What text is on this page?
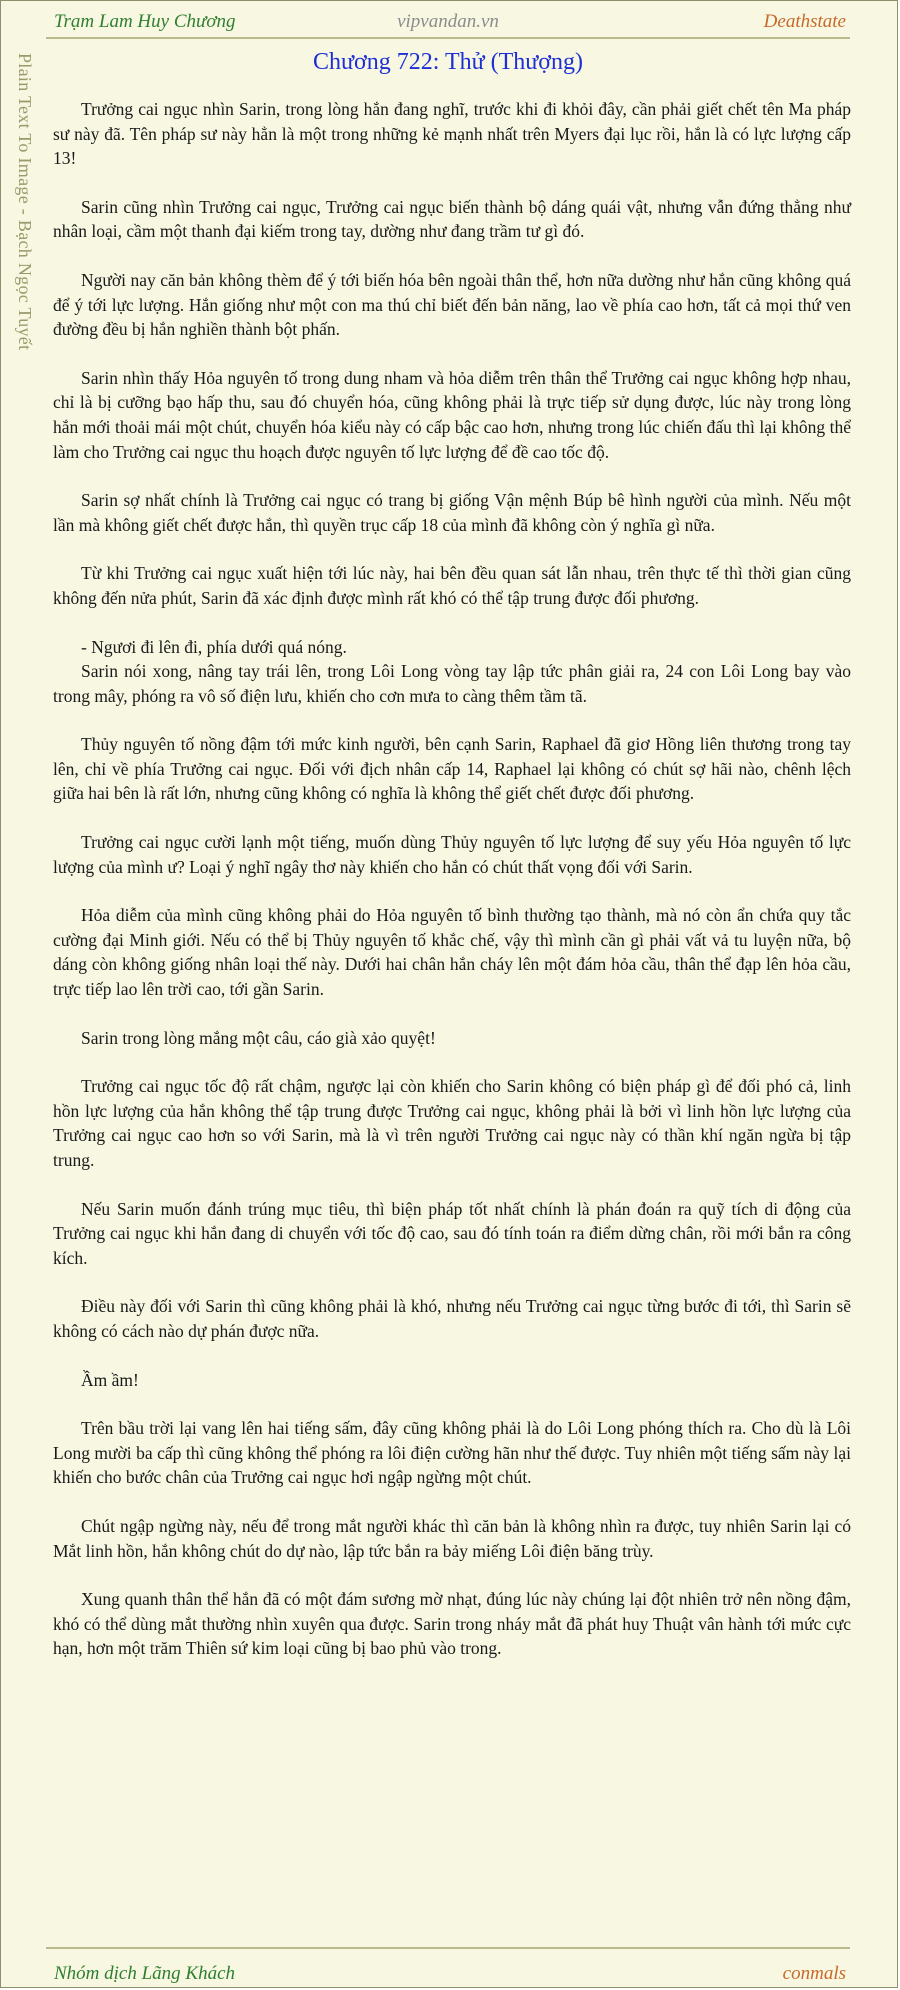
Trạm Lam Huy Chương	vipvandan.vn	Deathstate
Plain Text To Image - Bạch Ngọc Tuyết	Chương 722: Thử (Thượng)

Trưởng cai ngục nhìn Sarin, trong lòng hắn đang nghĩ, trước khi đi khỏi đây, cần phải giết chết tên Ma pháp sư này đã. Tên pháp sư này hẳn là một trong những kẻ mạnh nhất trên Myers đại lục rồi, hắn là có lực lượng cấp 13!

Sarin cũng nhìn Trưởng cai ngục, Trưởng cai ngục biến thành bộ dáng quái vật, nhưng vẫn đứng thẳng như nhân loại, cầm một thanh đại kiếm trong tay, dường như đang trầm tư gì đó.

Người nay căn bản không thèm để ý tới biến hóa bên ngoài thân thể, hơn nữa dường như hắn cũng không quá để ý tới lực lượng. Hắn giống như một con ma thú chỉ biết đến bản năng, lao về phía cao hơn, tất cả mọi thứ ven đường đều bị hắn nghiền thành bột phấn.

Sarin nhìn thấy Hỏa nguyên tố trong dung nham và hỏa diễm trên thân thể Trưởng cai ngục không hợp nhau, chỉ là bị cưỡng bạo hấp thu, sau đó chuyển hóa, cũng không phải là trực tiếp sử dụng được, lúc này trong lòng hắn mới thoải mái một chút, chuyển hóa kiểu này có cấp bậc cao hơn, nhưng trong lúc chiến đấu thì lại không thể làm cho Trưởng cai ngục thu hoạch được nguyên tố lực lượng để đề cao tốc độ.

Sarin sợ nhất chính là Trưởng cai ngục có trang bị giống Vận mệnh Búp bê hình người của mình. Nếu một lần mà không giết chết được hắn, thì quyền trục cấp 18 của mình đã không còn ý nghĩa gì nữa.

Từ khi Trưởng cai ngục xuất hiện tới lúc này, hai bên đều quan sát lẫn nhau, trên thực tế thì thời gian cũng không đến nửa phút, Sarin đã xác định được mình rất khó có thể tập trung được đối phương.

- Ngươi đi lên đi, phía dưới quá nóng.

Sarin nói xong, nâng tay trái lên, trong Lôi Long vòng tay lập tức phân giải ra, 24 con Lôi Long bay vào trong mây, phóng ra vô số điện lưu, khiến cho cơn mưa to càng thêm tầm tã.

Thủy nguyên tố nồng đậm tới mức kinh người, bên cạnh Sarin, Raphael đã giơ Hồng liên thương trong tay lên, chỉ về phía Trưởng cai ngục. Đối với địch nhân cấp 14, Raphael lại không có chút sợ hãi nào, chênh lệch giữa hai bên là rất lớn, nhưng cũng không có nghĩa là không thể giết chết được đối phương.

Trưởng cai ngục cười lạnh một tiếng, muốn dùng Thủy nguyên tố lực lượng để suy yếu Hỏa nguyên tố lực lượng của mình ư? Loại ý nghĩ ngây thơ này khiến cho hắn có chút thất vọng đối với Sarin.

Hỏa diễm của mình cũng không phải do Hỏa nguyên tố bình thường tạo thành, mà nó còn ẩn chứa quy tắc cường đại Minh giới. Nếu có thể bị Thủy nguyên tố khắc chế, vậy thì mình cần gì phải vất vả tu luyện nữa, bộ dáng còn không giống nhân loại thế này. Dưới hai chân hắn cháy lên một đám hỏa cầu, thân thể đạp lên hỏa cầu, trực tiếp lao lên trời cao, tới gần Sarin.

Sarin trong lòng mắng một câu, cáo già xảo quyệt!

Trưởng cai ngục tốc độ rất chậm, ngược lại còn khiến cho Sarin không có biện pháp gì để đối phó cả, linh hồn lực lượng của hắn không thể tập trung được Trưởng cai ngục, không phải là bởi vì linh hồn lực lượng của Trưởng cai ngục cao hơn so với Sarin, mà là vì trên người Trưởng cai ngục này có thần khí ngăn ngừa bị tập trung.

Nếu Sarin muốn đánh trúng mục tiêu, thì biện pháp tốt nhất chính là phán đoán ra quỹ tích di động của Trưởng cai ngục khi hắn đang di chuyển với tốc độ cao, sau đó tính toán ra điểm dừng chân, rồi mới bắn ra công kích.

Điều này đối với Sarin thì cũng không phải là khó, nhưng nếu Trưởng cai ngục từng bước đi tới, thì Sarin sẽ không có cách nào dự phán được nữa.

Ầm ầm!

Trên bầu trời lại vang lên hai tiếng sấm, đây cũng không phải là do Lôi Long phóng thích ra. Cho dù là Lôi Long mười ba cấp thì cũng không thể phóng ra lôi điện cường hãn như thế được. Tuy nhiên một tiếng sấm này lại khiến cho bước chân của Trưởng cai ngục hơi ngập ngừng một chút.

Chút ngập ngừng này, nếu để trong mắt người khác thì căn bản là không nhìn ra được, tuy nhiên Sarin lại có Mắt linh hồn, hắn không chút do dự nào, lập tức bắn ra bảy miếng Lôi điện băng trùy.

Xung quanh thân thể hắn đã có một đám sương mờ nhạt, đúng lúc này chúng lại đột nhiên trở nên nồng đậm, khó có thể dùng mắt thường nhìn xuyên qua được. Sarin trong nháy mắt đã phát huy Thuật vân hành tới mức cực hạn, hơn một trăm Thiên sứ kim loại cũng bị bao phủ vào trong.

Nhóm dịch Lãng Khách	conmals
